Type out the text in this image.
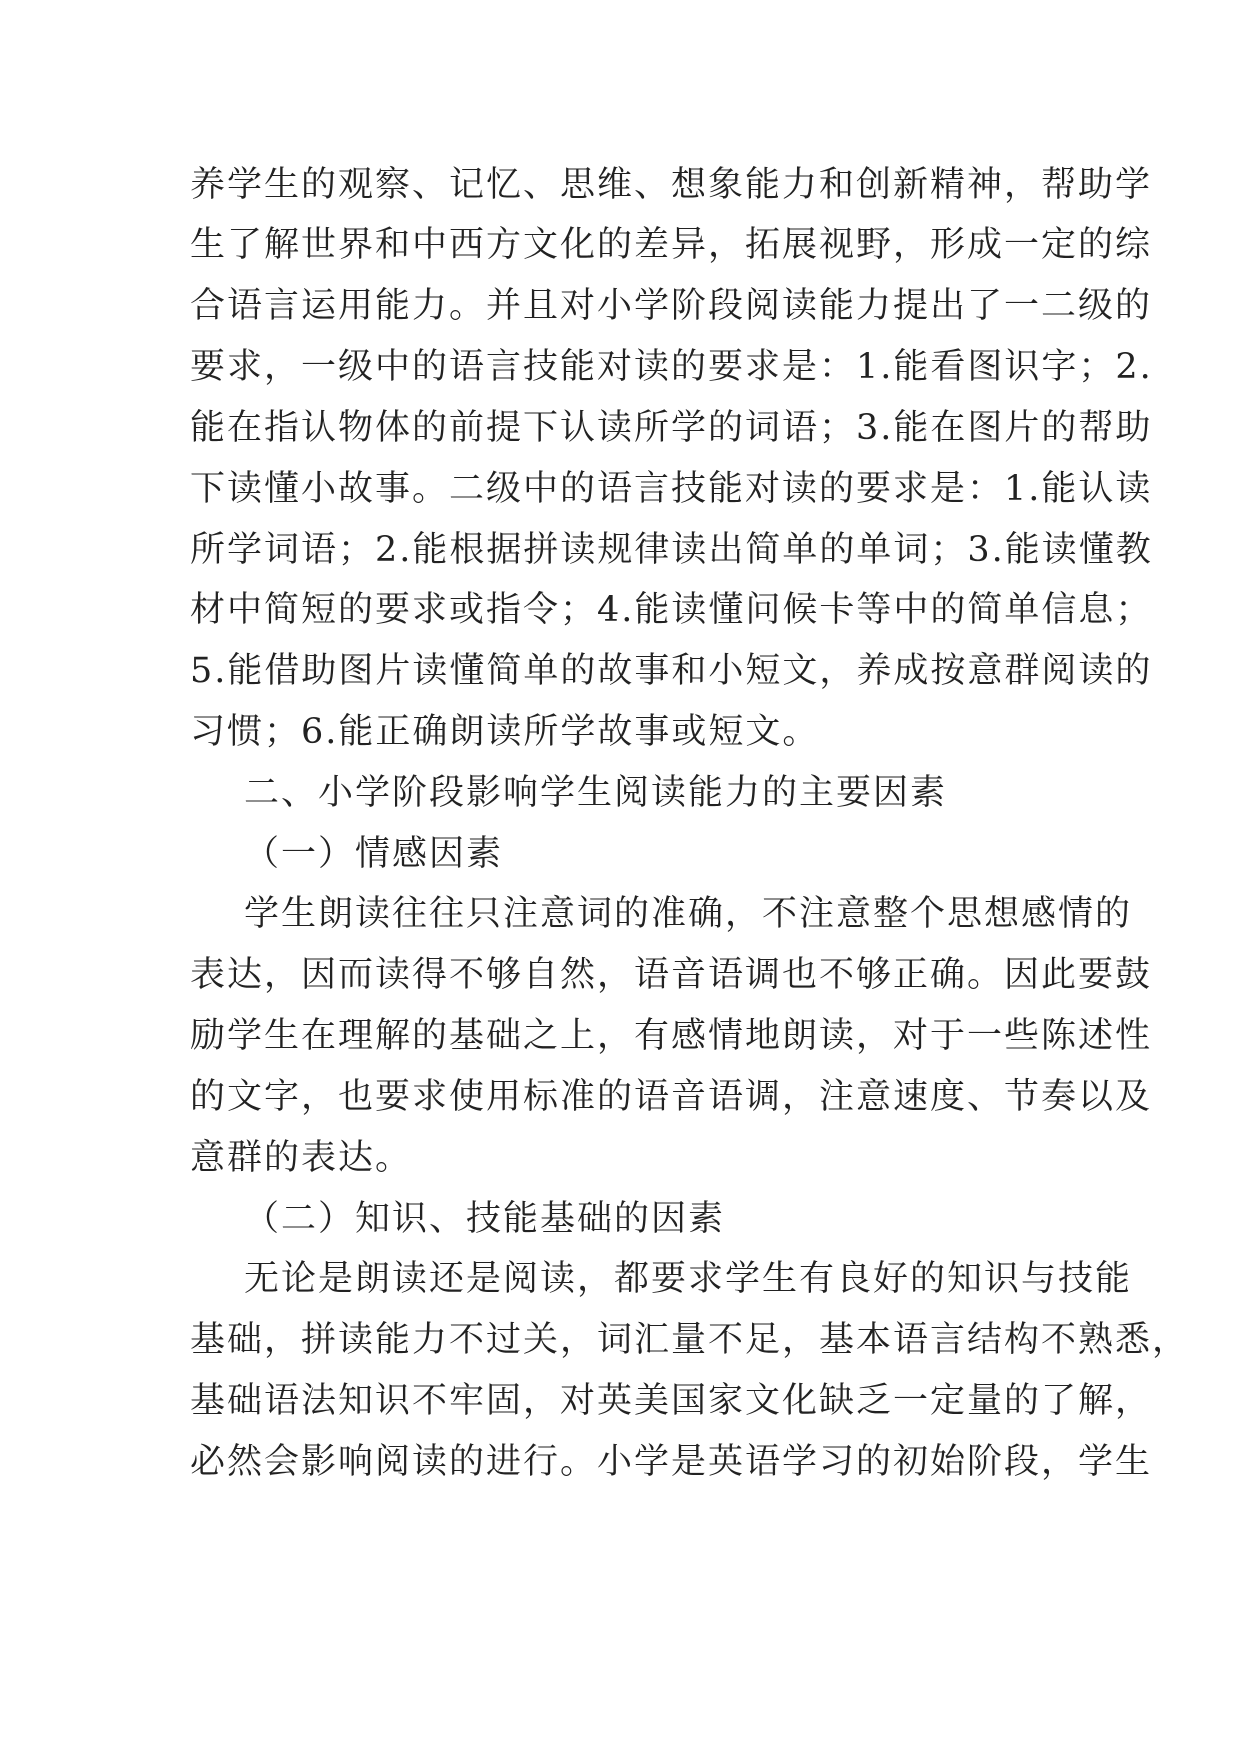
养学生的观察、记忆、思维、想象能力和创新精神，帮助学
生了解世界和中西方文化的差异，拓展视野，形成一定的综
合语言运用能力。并且对小学阶段阅读能力提出了一二级的
要求，一级中的语言技能对读的要求是：1.能看图识字；2.
能在指认物体的前提下认读所学的词语；3.能在图片的帮助
下读懂小故事。二级中的语言技能对读的要求是：1.能认读
所学词语；2.能根据拼读规律读出简单的单词；3.能读懂教
材中简短的要求或指令；4.能读懂问候卡等中的简单信息；
5.能借助图片读懂简单的故事和小短文，养成按意群阅读的
习惯；6.能正确朗读所学故事或短文。
二、小学阶段影响学生阅读能力的主要因素
（一）情感因素
学生朗读往往只注意词的准确，不注意整个思想感情的
表达，因而读得不够自然，语音语调也不够正确。因此要鼓
励学生在理解的基础之上，有感情地朗读，对于一些陈述性
的文字，也要求使用标准的语音语调，注意速度、节奏以及
意群的表达。
（二）知识、技能基础的因素
无论是朗读还是阅读，都要求学生有良好的知识与技能
基础，拼读能力不过关，词汇量不足，基本语言结构不熟悉，
基础语法知识不牢固，对英美国家文化缺乏一定量的了解，
必然会影响阅读的进行。小学是英语学习的初始阶段，学生
